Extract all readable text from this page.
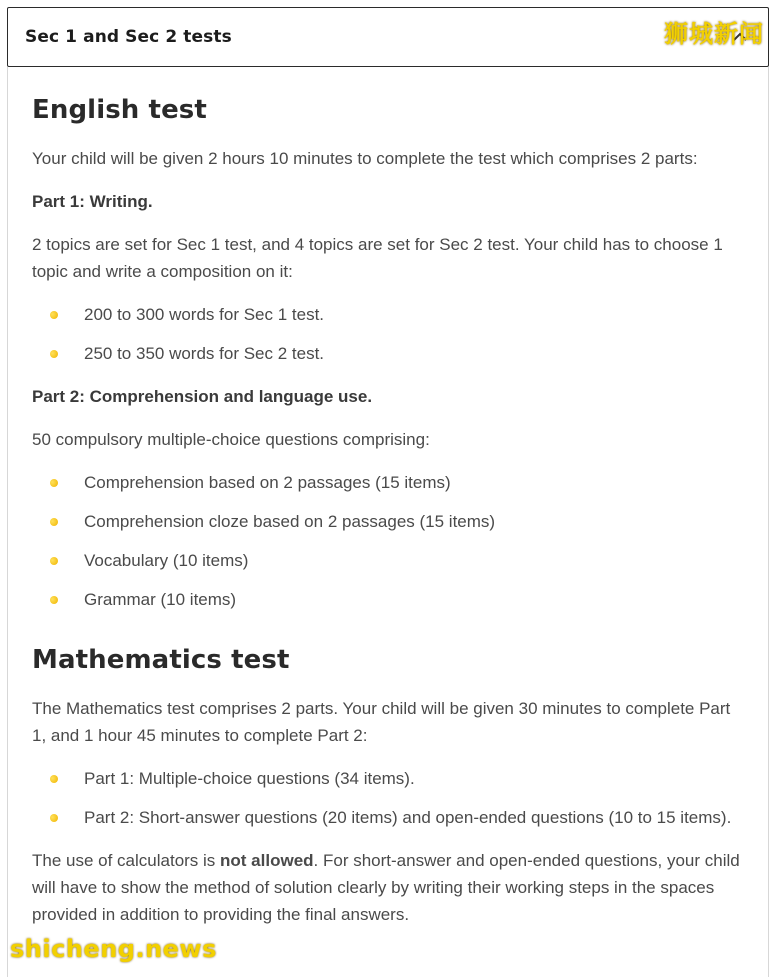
Sec 1 and Sec 2 tests
English test

Your child will be given 2 hours 10 minutes to complete the test which comprises 2 parts:

Part 1: Writing.

2 topics are set for Sec 1 test, and 4 topics are set for Sec 2 test. Your child has to choose 1 topic and write a composition on it:

200 to 300 words for Sec 1 test.
250 to 350 words for Sec 2 test.

Part 2: Comprehension and language use.

50 compulsory multiple-choice questions comprising:

Comprehension based on 2 passages (15 items)
Comprehension cloze based on 2 passages (15 items)
Vocabulary (10 items)
Grammar (10 items)
Mathematics test

The Mathematics test comprises 2 parts. Your child will be given 30 minutes to complete Part 1, and 1 hour 45 minutes to complete Part 2:

Part 1: Multiple-choice questions (34 items).
Part 2: Short-answer questions (20 items) and open-ended questions (10 to 15 items).

The use of calculators is not allowed. For short-answer and open-ended questions, your child will have to show the method of solution clearly by writing their working steps in the spaces provided in addition to providing the final answers.

狮城新闻
shicheng.news
